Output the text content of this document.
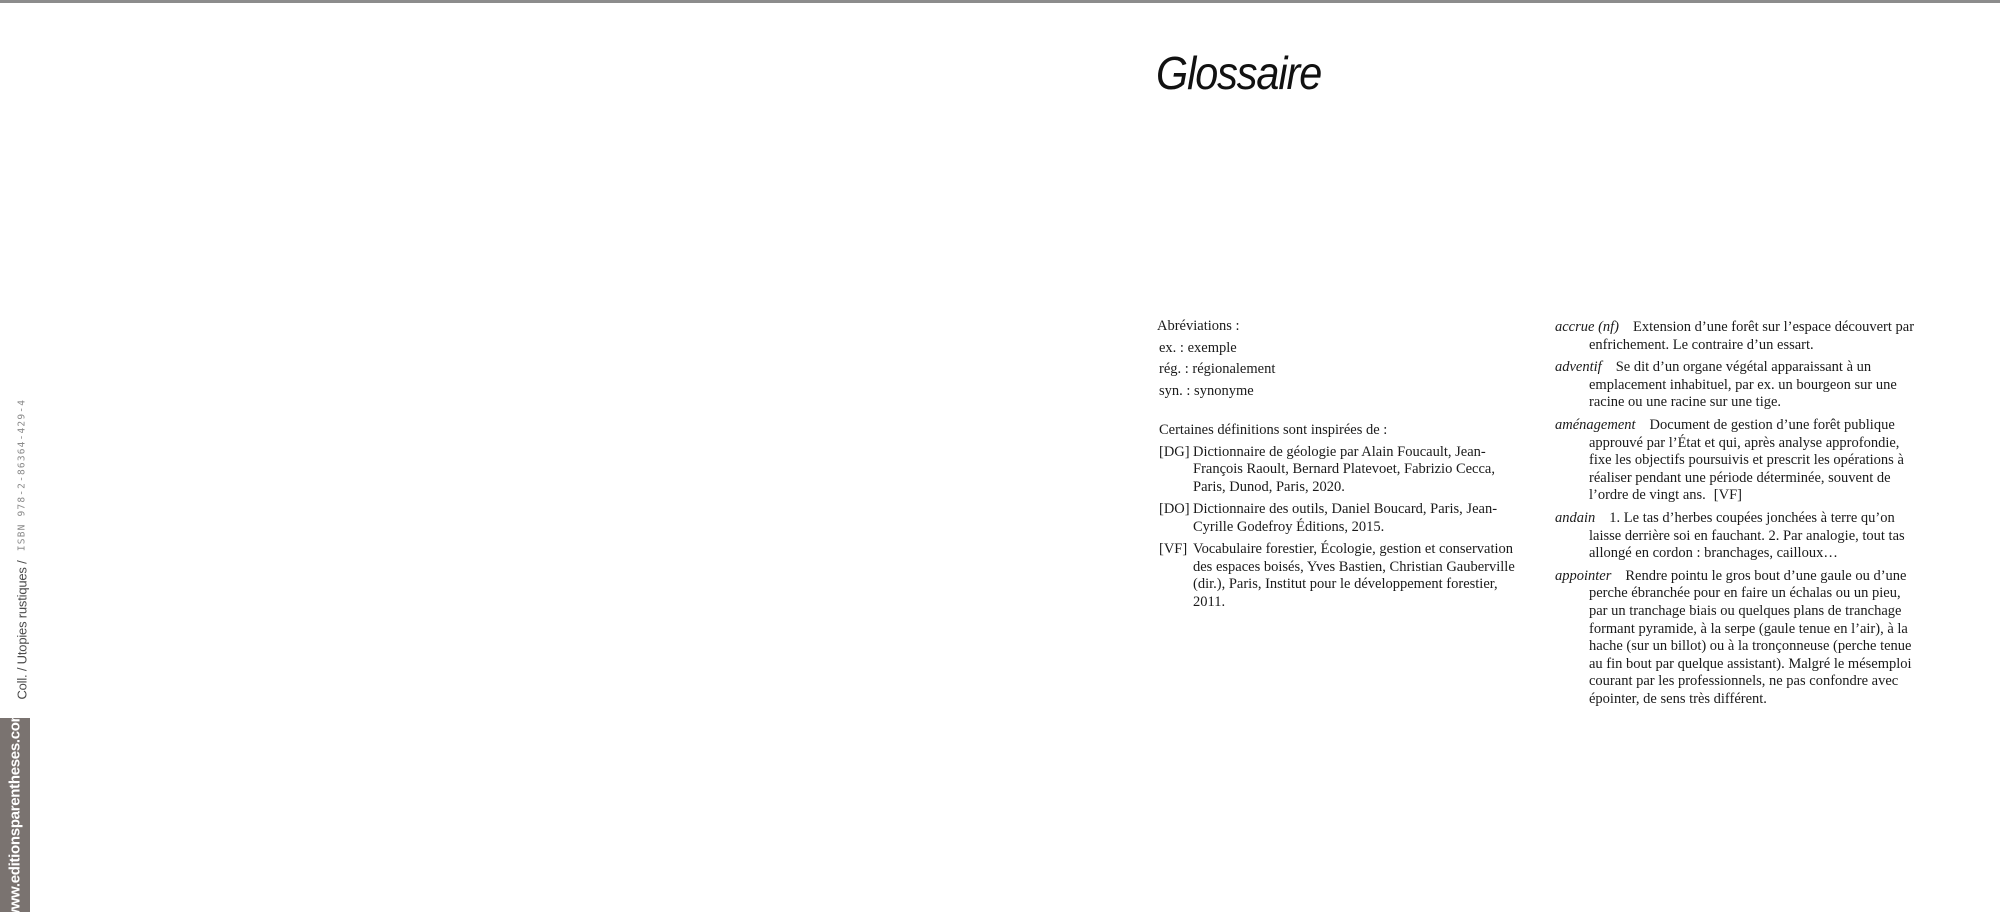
www.editionsparentheses.com
Coll. / Utopies rustiques /
ISBN 978-2-86364-429-4
Glossaire

Abréviations :

ex. : exemple

rég. : régionalement

syn. : synonyme

Certaines définitions sont inspirées de :

[DG] Dictionnaire de géologie par Alain Foucault, Jean-François Raoult, Bernard Platevoet, Fabrizio Cecca, Paris, Dunod, Paris, 2020.

[DO] Dictionnaire des outils, Daniel Boucard, Paris, Jean-Cyrille Godefroy Éditions, 2015.

[VF] Vocabulaire forestier, Écologie, gestion et conservation des espaces boisés, Yves Bastien, Christian Gauberville (dir.), Paris, Institut pour le développement forestier, 2011.

accrue (nf) Extension d’une forêt sur l’espace découvert par enfrichement. Le contraire d’un essart.

adventif Se dit d’un organe végétal apparaissant à un emplacement inhabituel, par ex. un bourgeon sur une racine ou une racine sur une tige.

aménagement Document de gestion d’une forêt publique approuvé par l’État et qui, après analyse approfondie, fixe les objectifs poursuivis et prescrit les opérations à réaliser pendant une période déterminée, souvent de l’ordre de vingt ans. [VF]

andain 1. Le tas d’herbes coupées jonchées à terre qu’on laisse derrière soi en fauchant. 2. Par analogie, tout tas allongé en cordon : branchages, cailloux…

appointer Rendre pointu le gros bout d’une gaule ou d’une perche ébranchée pour en faire un échalas ou un pieu, par un tranchage biais ou quelques plans de tranchage formant pyramide, à la serpe (gaule tenue en l’air), à la hache (sur un billot) ou à la tronçonneuse (perche tenue au fin bout par quelque assistant). Malgré le mésemploi courant par les professionnels, ne pas confondre avec épointer, de sens très différent.
